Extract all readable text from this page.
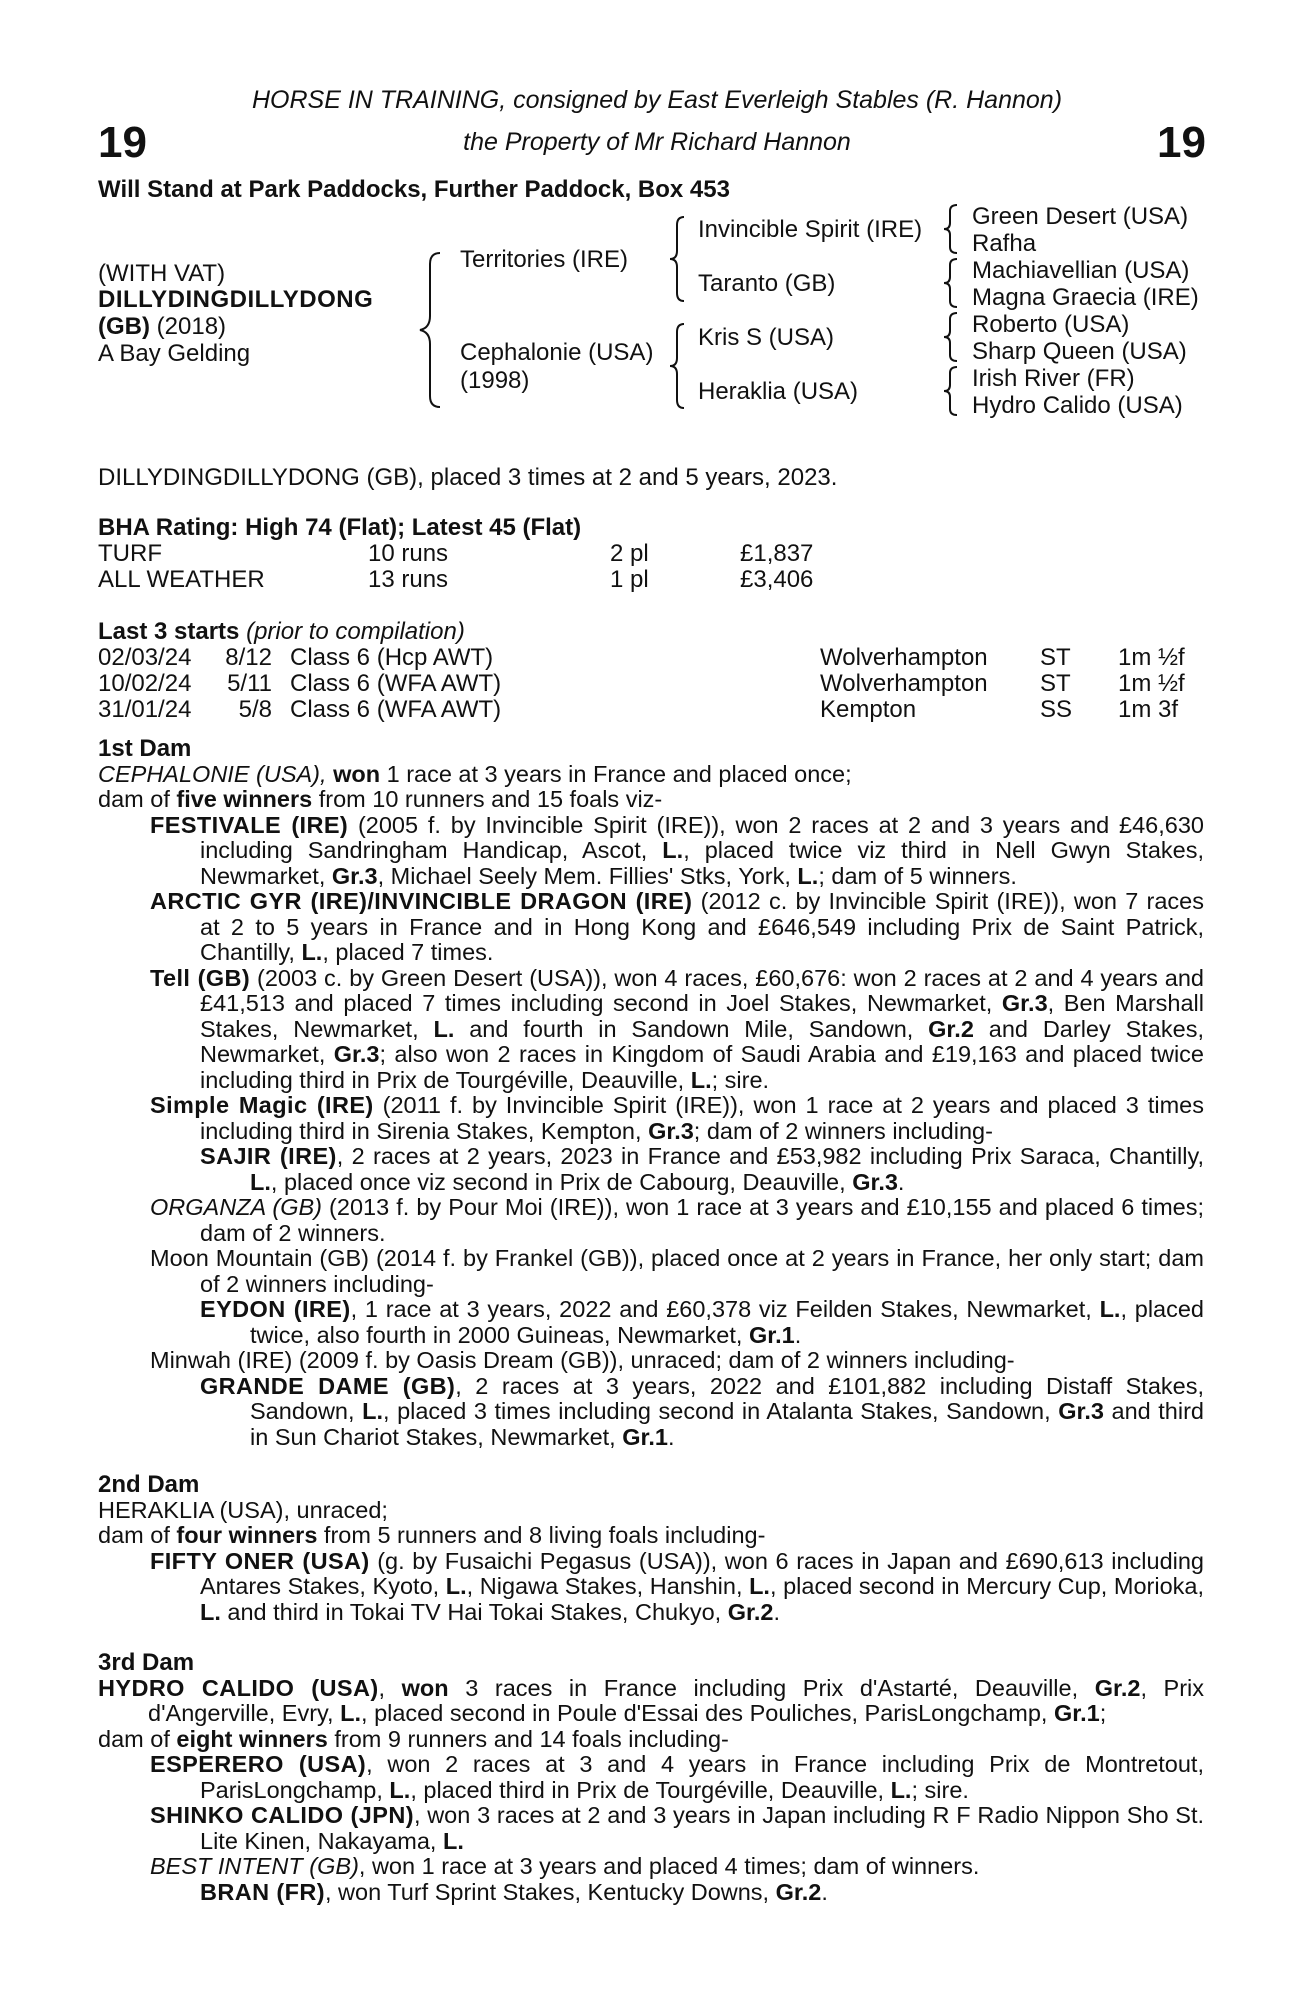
19	19
HORSE IN TRAINING, consigned by East Everleigh Stables (R. Hannon)
the Property of Mr Richard Hannon
Will Stand at Park Paddocks, Further Paddock, Box 453
(WITH VAT)
DILLYDINGDILLYDONG
(GB) (2018)
A Bay Gelding
Territories (IRE)
Cephalonie (USA)
(1998)
Invincible Spirit (IRE)
Taranto (GB)
Kris S (USA)
Heraklia (USA)
Green Desert (USA)
Rafha
Machiavellian (USA)
Magna Graecia (IRE)
Roberto (USA)
Sharp Queen (USA)
Irish River (FR)
Hydro Calido (USA)
DILLYDINGDILLYDONG (GB), placed 3 times at 2 and 5 years, 2023.
BHA Rating: High 74 (Flat); Latest 45 (Flat)
TURF	10 runs	2 pl	£1,837
ALL WEATHER	13 runs	1 pl	£3,406
Last 3 starts (prior to compilation)
02/03/24	8/12 Class 6 (Hcp AWT)	Wolverhampton ST 1m ½f
10/02/24	5/11 Class 6 (WFA AWT)	Wolverhampton ST 1m ½f
31/01/24	5/8 Class 6 (WFA AWT)	Kempton	SS 1m 3f

1st Dam

CEPHALONIE (USA), won 1 race at 3 years in France and placed once;

dam of five winners from 10 runners and 15 foals viz-

FESTIVALE (IRE) (2005 f. by Invincible Spirit (IRE)), won 2 races at 2 and 3 years and £46,630 including Sandringham Handicap, Ascot, L., placed twice viz third in Nell Gwyn Stakes, Newmarket, Gr.3, Michael Seely Mem. Fillies' Stks, York, L.; dam of 5 winners.

ARCTIC GYR (IRE)/INVINCIBLE DRAGON (IRE) (2012 c. by Invincible Spirit (IRE)), won 7 races at 2 to 5 years in France and in Hong Kong and £646,549 including Prix de Saint Patrick, Chantilly, L., placed 7 times.

Tell (GB) (2003 c. by Green Desert (USA)), won 4 races, £60,676: won 2 races at 2 and 4 years and £41,513 and placed 7 times including second in Joel Stakes, Newmarket, Gr.3, Ben Marshall Stakes, Newmarket, L. and fourth in Sandown Mile, Sandown, Gr.2 and Darley Stakes, Newmarket, Gr.3; also won 2 races in Kingdom of Saudi Arabia and £19,163 and placed twice including third in Prix de Tourgéville, Deauville, L.; sire.

Simple Magic (IRE) (2011 f. by Invincible Spirit (IRE)), won 1 race at 2 years and placed 3 times including third in Sirenia Stakes, Kempton, Gr.3; dam of 2 winners including-

SAJIR (IRE), 2 races at 2 years, 2023 in France and £53,982 including Prix Saraca, Chantilly, L., placed once viz second in Prix de Cabourg, Deauville, Gr.3.

ORGANZA (GB) (2013 f. by Pour Moi (IRE)), won 1 race at 3 years and £10,155 and placed 6 times; dam of 2 winners.

Moon Mountain (GB) (2014 f. by Frankel (GB)), placed once at 2 years in France, her only start; dam of 2 winners including-

EYDON (IRE), 1 race at 3 years, 2022 and £60,378 viz Feilden Stakes, Newmarket, L., placed twice, also fourth in 2000 Guineas, Newmarket, Gr.1.

Minwah (IRE) (2009 f. by Oasis Dream (GB)), unraced; dam of 2 winners including-

GRANDE DAME (GB), 2 races at 3 years, 2022 and £101,882 including Distaff Stakes, Sandown, L., placed 3 times including second in Atalanta Stakes, Sandown, Gr.3 and third in Sun Chariot Stakes, Newmarket, Gr.1.

2nd Dam

HERAKLIA (USA), unraced;

dam of four winners from 5 runners and 8 living foals including-

FIFTY ONER (USA) (g. by Fusaichi Pegasus (USA)), won 6 races in Japan and £690,613 including Antares Stakes, Kyoto, L., Nigawa Stakes, Hanshin, L., placed second in Mercury Cup, Morioka, L. and third in Tokai TV Hai Tokai Stakes, Chukyo, Gr.2.

3rd Dam

HYDRO CALIDO (USA), won 3 races in France including Prix d'Astarté, Deauville, Gr.2, Prix d'Angerville, Evry, L., placed second in Poule d'Essai des Pouliches, ParisLongchamp, Gr.1;

dam of eight winners from 9 runners and 14 foals including-

ESPERERO (USA), won 2 races at 3 and 4 years in France including Prix de Montretout, ParisLongchamp, L., placed third in Prix de Tourgéville, Deauville, L.; sire.

SHINKO CALIDO (JPN), won 3 races at 2 and 3 years in Japan including R F Radio Nippon Sho St. Lite Kinen, Nakayama, L.

BEST INTENT (GB), won 1 race at 3 years and placed 4 times; dam of winners.

BRAN (FR), won Turf Sprint Stakes, Kentucky Downs, Gr.2.
